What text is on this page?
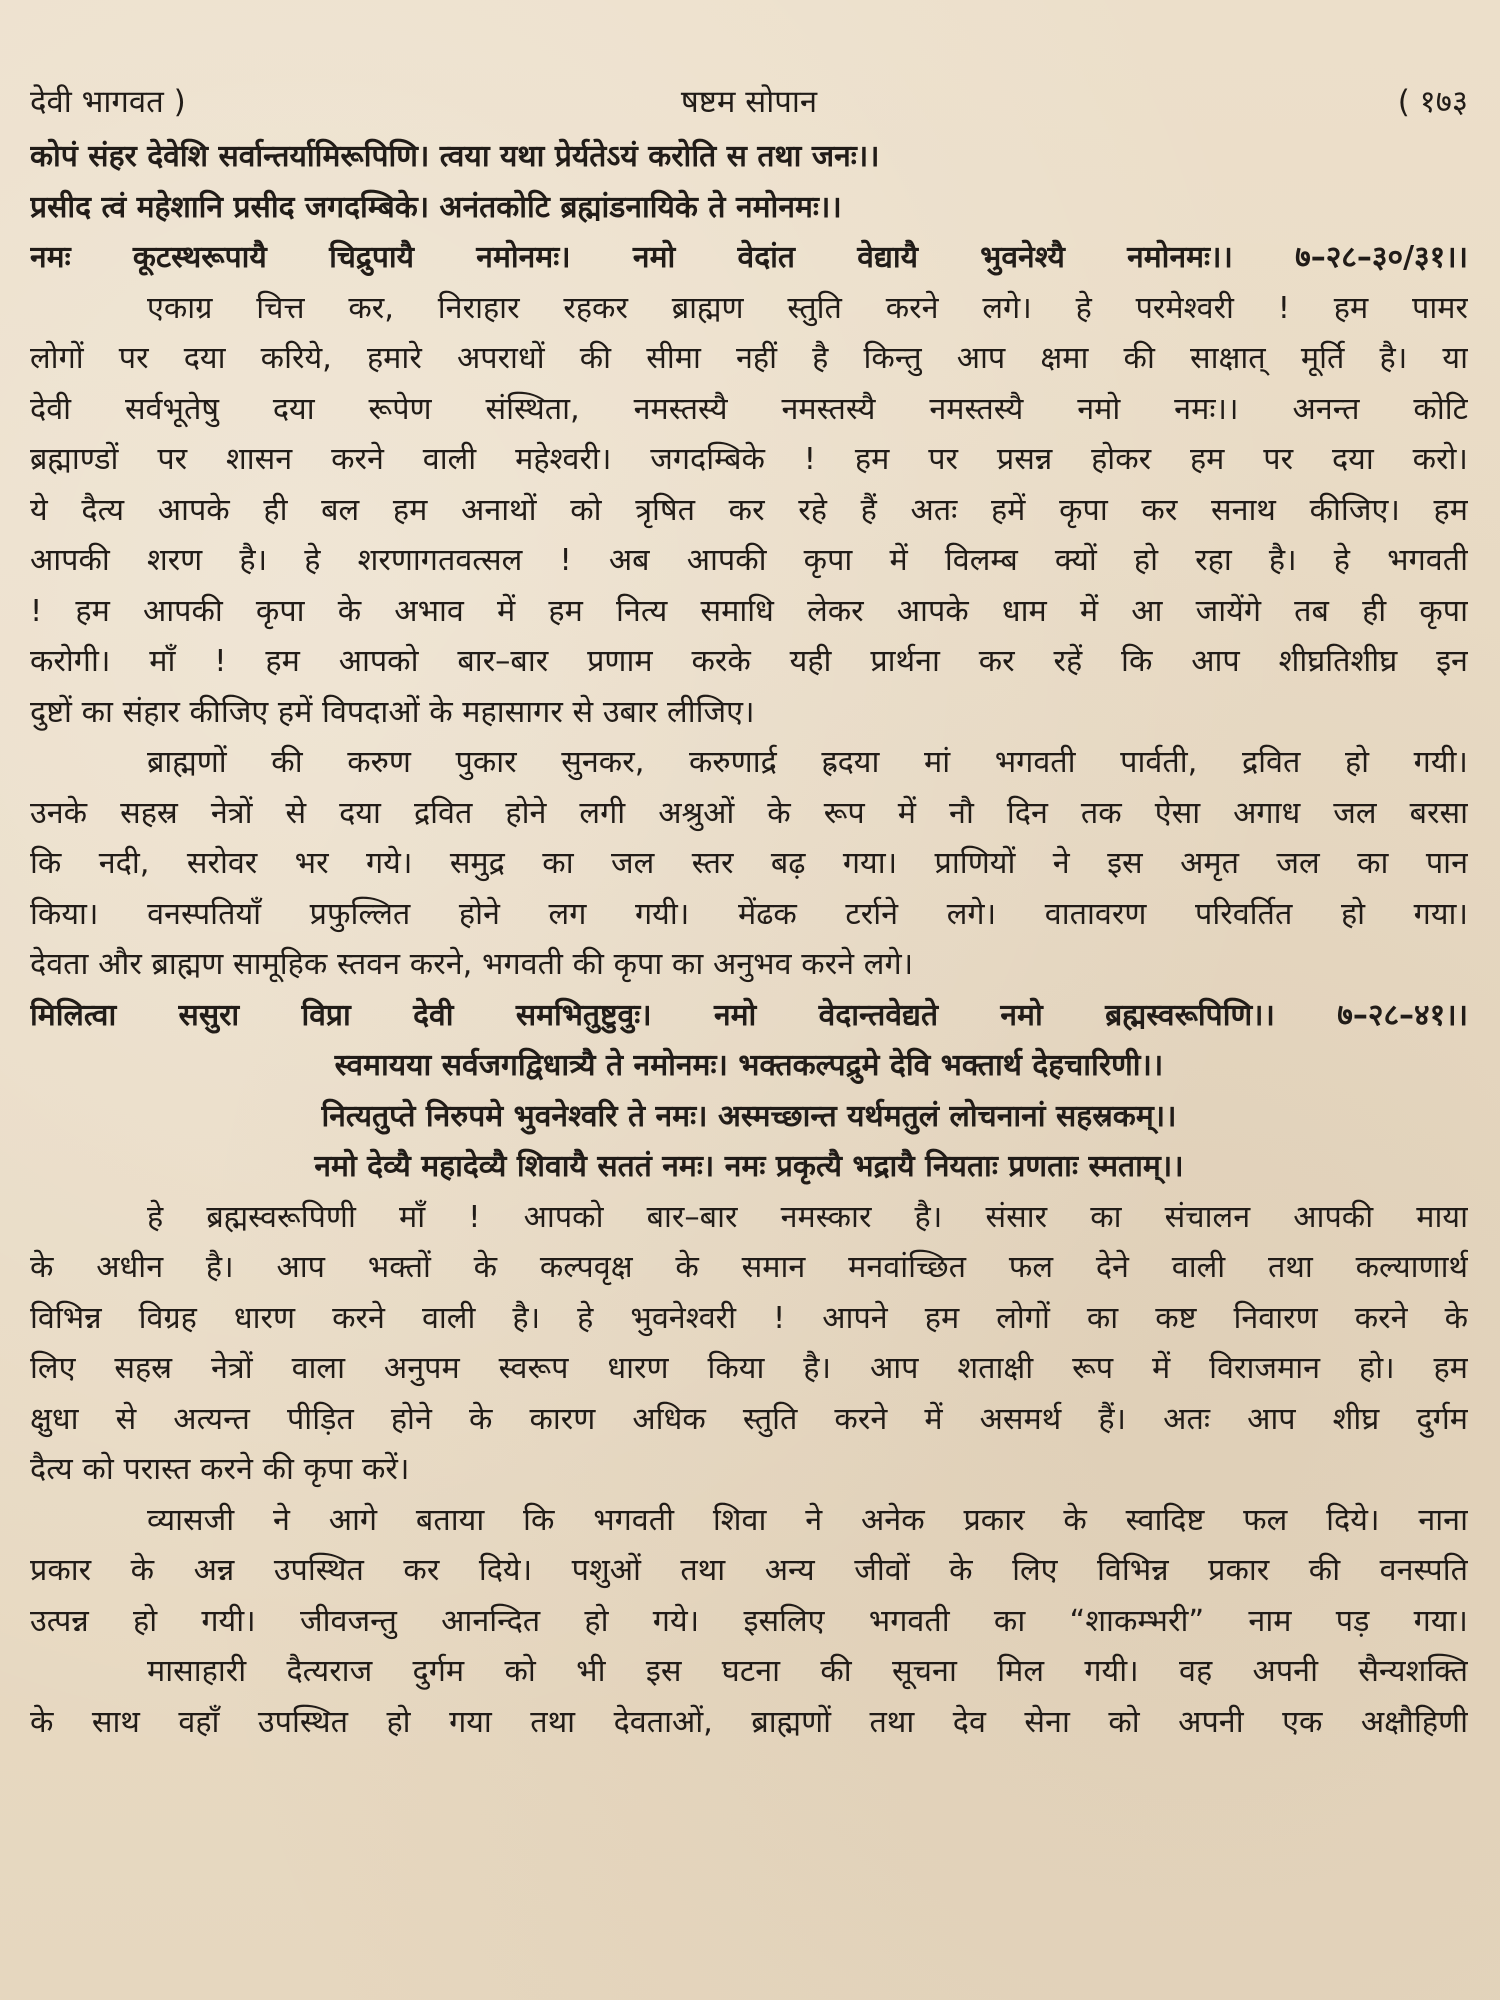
देवी भागवत )	षष्टम सोपान	( १७३
कोपं संहर देवेशि सर्वान्तर्यामिरूपिणि। त्वया यथा प्रेर्यतेऽयं करोति स तथा जनः।।
प्रसीद त्वं महेशानि प्रसीद जगदम्बिके। अनंतकोटि ब्रह्मांडनायिके ते नमोनमः।।
नमः कूटस्थरूपायै चिद्रुपायै नमोनमः। नमो वेदांत वेद्यायै भुवनेश्यै नमोनमः।। ७–२८–३०/३१।।
एकाग्र चित्त कर, निराहार रहकर ब्राह्मण स्तुति करने लगे। हे परमेश्वरी ! हम पामर
लोगों पर दया करिये, हमारे अपराधों की सीमा नहीं है किन्तु आप क्षमा की साक्षात् मूर्ति है। या
देवी सर्वभूतेषु दया रूपेण संस्थिता, नमस्तस्यै नमस्तस्यै नमस्तस्यै नमो नमः।। अनन्त कोटि
ब्रह्माण्डों पर शासन करने वाली महेश्वरी। जगदम्बिके ! हम पर प्रसन्न होकर हम पर दया करो।
ये दैत्य आपके ही बल हम अनाथों को त्रृषित कर रहे हैं अतः हमें कृपा कर सनाथ कीजिए। हम
आपकी शरण है। हे शरणागतवत्सल ! अब आपकी कृपा में विलम्ब क्यों हो रहा है। हे भगवती
! हम आपकी कृपा के अभाव में हम नित्य समाधि लेकर आपके धाम में आ जायेंगे तब ही कृपा
करोगी। माँ ! हम आपको बार–बार प्रणाम करके यही प्रार्थना कर रहें कि आप शीघ्रतिशीघ्र इन
दुष्टों का संहार कीजिए हमें विपदाओं के महासागर से उबार लीजिए।
ब्राह्मणों की करुण पुकार सुनकर, करुणार्द्र ह्रदया मां भगवती पार्वती, द्रवित हो गयी।
उनके सहस्र नेत्रों से दया द्रवित होने लगी अश्रुओं के रूप में नौ दिन तक ऐसा अगाध जल बरसा
कि नदी, सरोवर भर गये। समुद्र का जल स्तर बढ़ गया। प्राणियों ने इस अमृत जल का पान
किया। वनस्पतियाँ प्रफुल्लित होने लग गयी। मेंढक टर्राने लगे। वातावरण परिवर्तित हो गया।
देवता और ब्राह्मण सामूहिक स्तवन करने, भगवती की कृपा का अनुभव करने लगे।
मिलित्वा ससुरा विप्रा देवी समभितुष्टुवुः। नमो वेदान्तवेद्यते नमो ब्रह्मस्वरूपिणि।। ७–२८–४१।।
स्वमायया सर्वजगद्विधात्र्यै ते नमोनमः। भक्तकल्पद्रुमे देवि भक्तार्थ देहचारिणी।।
नित्यतुप्ते निरुपमे भुवनेश्वरि ते नमः। अस्मच्छान्त यर्थमतुलं लोचनानां सहस्रकम्।।
नमो देव्यै महादेव्यै शिवायै सततं नमः। नमः प्रकृत्यै भद्रायै नियताः प्रणताः स्मताम्।।
हे ब्रह्मस्वरूपिणी माँ ! आपको बार–बार नमस्कार है। संसार का संचालन आपकी माया
के अधीन है। आप भक्तों के कल्पवृक्ष के समान मनवांच्छित फल देने वाली तथा कल्याणार्थ
विभिन्न विग्रह धारण करने वाली है। हे भुवनेश्वरी ! आपने हम लोगों का कष्ट निवारण करने के
लिए सहस्र नेत्रों वाला अनुपम स्वरूप धारण किया है। आप शताक्षी रूप में विराजमान हो। हम
क्षुधा से अत्यन्त पीड़ित होने के कारण अधिक स्तुति करने में असमर्थ हैं। अतः आप शीघ्र दुर्गम
दैत्य को परास्त करने की कृपा करें।
व्यासजी ने आगे बताया कि भगवती शिवा ने अनेक प्रकार के स्वादिष्ट फल दिये। नाना
प्रकार के अन्न उपस्थित कर दिये। पशुओं तथा अन्य जीवों के लिए विभिन्न प्रकार की वनस्पति
उत्पन्न हो गयी। जीवजन्तु आनन्दित हो गये। इसलिए भगवती का “शाकम्भरी” नाम पड़ गया।
मासाहारी दैत्यराज दुर्गम को भी इस घटना की सूचना मिल गयी। वह अपनी सैन्यशक्ति
के साथ वहाँ उपस्थित हो गया तथा देवताओं, ब्राह्मणों तथा देव सेना को अपनी एक अक्षौहिणी
